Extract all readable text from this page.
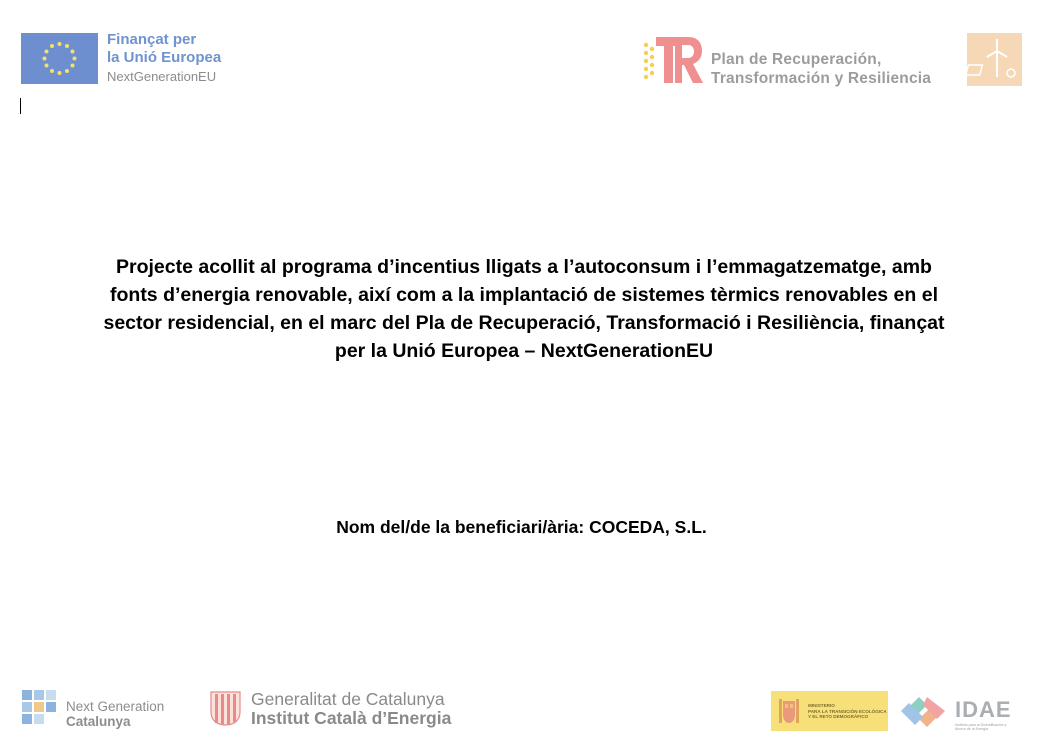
Finançat per
la Unió Europea
NextGenerationEU
Plan de Recuperación,
Transformación y Resiliencia

Projecte acollit al programa d’incentius lligats a l’autoconsum i l’emmagatzematge, amb
fonts d’energia renovable, així com a la implantació de sistemes tèrmics renovables en el
sector residencial, en el marc del Pla de Recuperació, Transformació i Resiliència, finançat
per la Unió Europea – NextGenerationEU

Nom del/de la beneficiari/ària: COCEDA, S.L.

Next Generation
Catalunya
Generalitat de Catalunya
Institut Català d’Energia
MINISTERIO
PARA LA TRANSICIÓN ECOLÓGICA
Y EL RETO DEMOGRÁFICO	IDAE
Instituto para la Diversificación y Ahorro de la Energía
